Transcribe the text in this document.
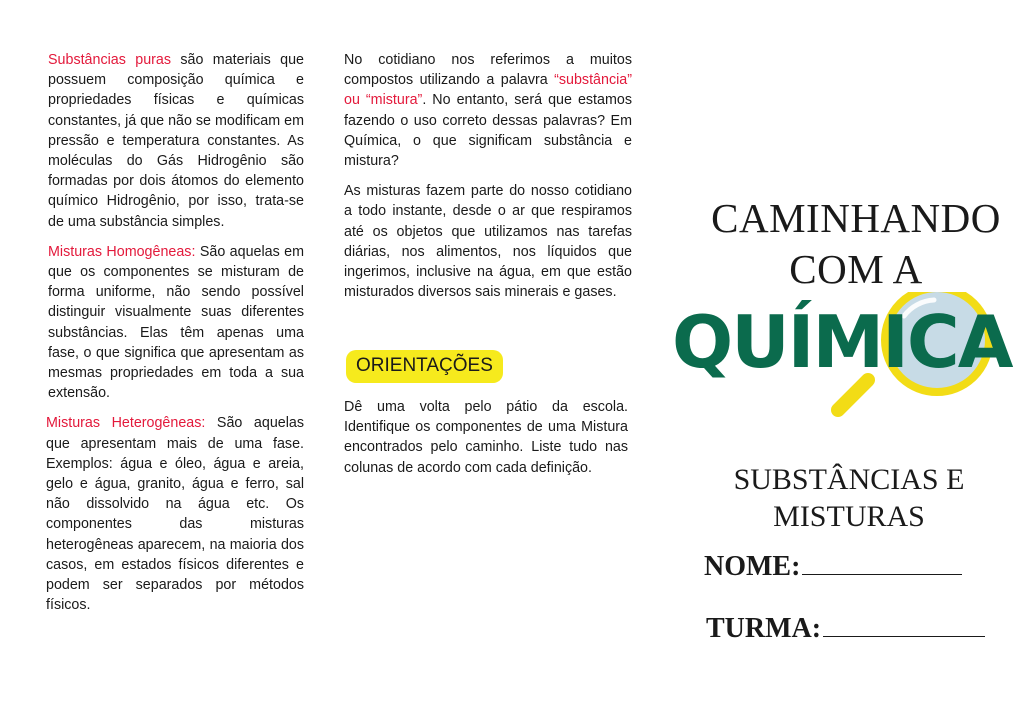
Substâncias puras são materiais que possuem composição química e propriedades físicas e químicas constantes, já que não se modificam em pressão e temperatura constantes. As moléculas do Gás Hidrogênio são formadas por dois átomos do elemento químico Hidrogênio, por isso, trata-se de uma substância simples.

Misturas Homogêneas: São aquelas em que os componentes se misturam de forma uniforme, não sendo possível distinguir visualmente suas diferentes substâncias. Elas têm apenas uma fase, o que significa que apresentam as mesmas propriedades em toda a sua extensão.

Misturas Heterogêneas: São aquelas que apresentam mais de uma fase. Exemplos: água e óleo, água e areia, gelo e água, granito, água e ferro, sal não dissolvido na água etc. Os componentes das misturas heterogêneas aparecem, na maioria dos casos, em estados físicos diferentes e podem ser separados por métodos físicos.

No cotidiano nos referimos a muitos compostos utilizando a palavra “substância” ou “mistura”. No entanto, será que estamos fazendo o uso correto dessas palavras? Em Química, o que significam substância e mistura?

As misturas fazem parte do nosso cotidiano a todo instante, desde o ar que respiramos até os objetos que utilizamos nas tarefas diárias, nos alimentos, nos líquidos que ingerimos, inclusive na água, em que estão misturados diversos sais minerais e gases.

ORIENTAÇÕES

Dê uma volta pelo pátio da escola. Identifique os componentes de uma Mistura encontrados pelo caminho. Liste tudo nas colunas de acordo com cada definição.

CAMINHANDO
COM A
QUÍMICA
SUBSTÂNCIAS E
MISTURAS
NOME:
TURMA:
